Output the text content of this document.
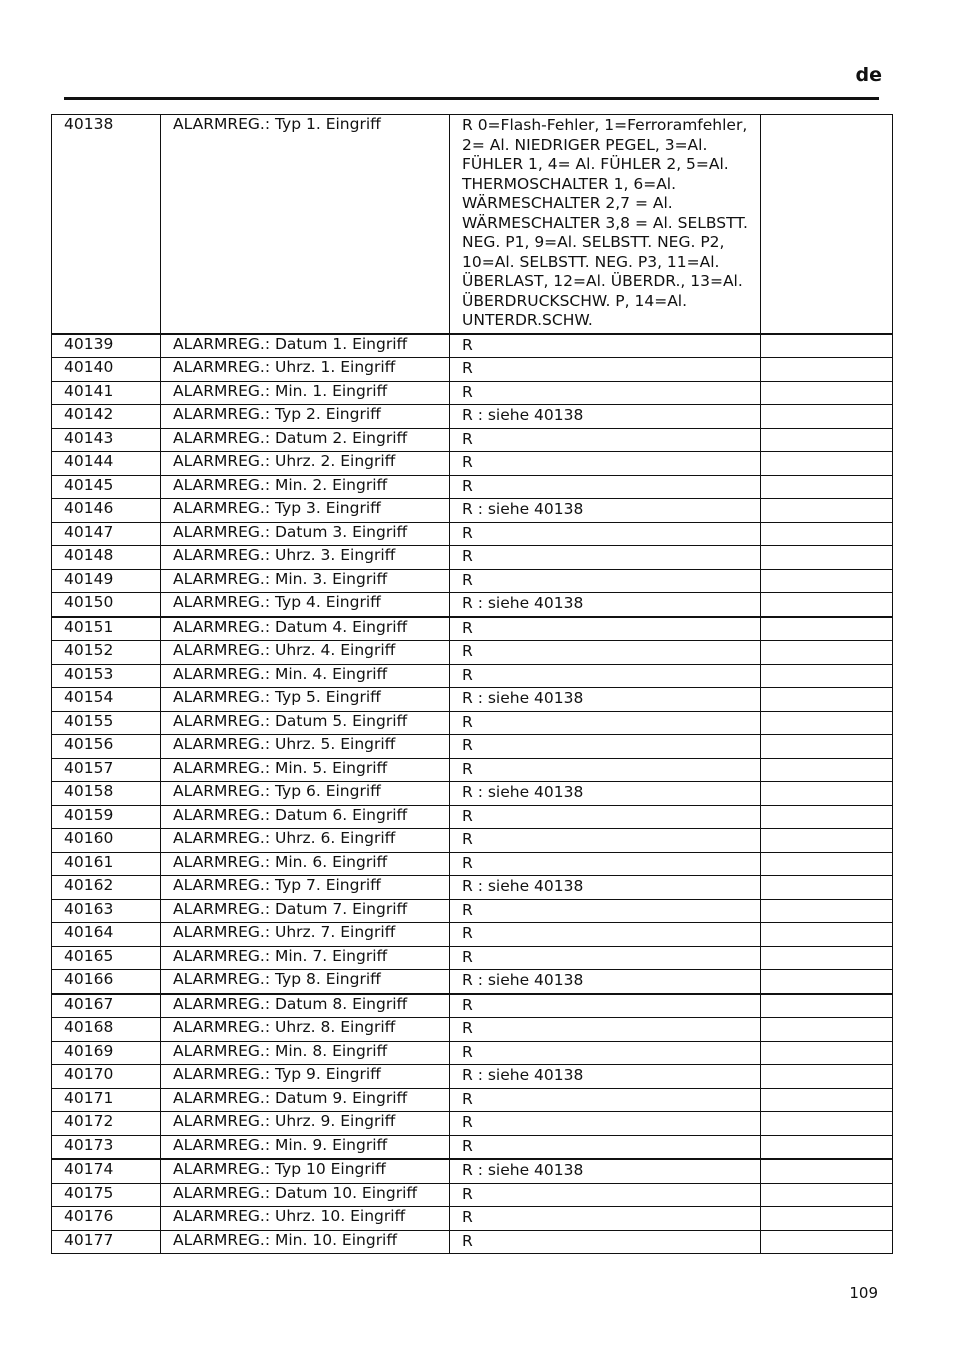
de
40138	ALARMREG.: Typ 1. Eingriff	R 0=Flash-Fehler, 1=Ferroramfehler, 2= Al. NIEDRIGER PEGEL, 3=Al. FÜHLER 1, 4= Al. FÜHLER 2, 5=Al. THERMOSCHALTER 1, 6=Al. WÄRMESCHALTER 2,7 = Al. WÄRMESCHALTER 3,8 = Al. SELBSTT. NEG. P1, 9=Al. SELBSTT. NEG. P2, 10=Al. SELBSTT. NEG. P3, 11=Al. ÜBERLAST, 12=Al. ÜBERDR., 13=Al. ÜBERDRUCKSCHW. P, 14=Al. UNTERDR.SCHW.	
40139	ALARMREG.: Datum 1. Eingriff	R	
40140	ALARMREG.: Uhrz. 1. Eingriff	R	
40141	ALARMREG.: Min. 1. Eingriff	R	
40142	ALARMREG.: Typ 2. Eingriff	R : siehe 40138	
40143	ALARMREG.: Datum 2. Eingriff	R	
40144	ALARMREG.: Uhrz. 2. Eingriff	R	
40145	ALARMREG.: Min. 2. Eingriff	R	
40146	ALARMREG.: Typ 3. Eingriff	R : siehe 40138	
40147	ALARMREG.: Datum 3. Eingriff	R	
40148	ALARMREG.: Uhrz. 3. Eingriff	R	
40149	ALARMREG.: Min. 3. Eingriff	R	
40150	ALARMREG.: Typ 4. Eingriff	R : siehe 40138	
40151	ALARMREG.: Datum 4. Eingriff	R	
40152	ALARMREG.: Uhrz. 4. Eingriff	R	
40153	ALARMREG.: Min. 4. Eingriff	R	
40154	ALARMREG.: Typ 5. Eingriff	R : siehe 40138	
40155	ALARMREG.: Datum 5. Eingriff	R	
40156	ALARMREG.: Uhrz. 5. Eingriff	R	
40157	ALARMREG.: Min. 5. Eingriff	R	
40158	ALARMREG.: Typ 6. Eingriff	R : siehe 40138	
40159	ALARMREG.: Datum 6. Eingriff	R	
40160	ALARMREG.: Uhrz. 6. Eingriff	R	
40161	ALARMREG.: Min. 6. Eingriff	R	
40162	ALARMREG.: Typ 7. Eingriff	R : siehe 40138	
40163	ALARMREG.: Datum 7. Eingriff	R	
40164	ALARMREG.: Uhrz. 7. Eingriff	R	
40165	ALARMREG.: Min. 7. Eingriff	R	
40166	ALARMREG.: Typ 8. Eingriff	R : siehe 40138	
40167	ALARMREG.: Datum 8. Eingriff	R	
40168	ALARMREG.: Uhrz. 8. Eingriff	R	
40169	ALARMREG.: Min. 8. Eingriff	R	
40170	ALARMREG.: Typ 9. Eingriff	R : siehe 40138	
40171	ALARMREG.: Datum 9. Eingriff	R	
40172	ALARMREG.: Uhrz. 9. Eingriff	R	
40173	ALARMREG.: Min. 9. Eingriff	R	
40174	ALARMREG.: Typ 10 Eingriff	R : siehe 40138	
40175	ALARMREG.: Datum 10. Eingriff	R	
40176	ALARMREG.: Uhrz. 10. Eingriff	R	
40177	ALARMREG.: Min. 10. Eingriff	R	
109
